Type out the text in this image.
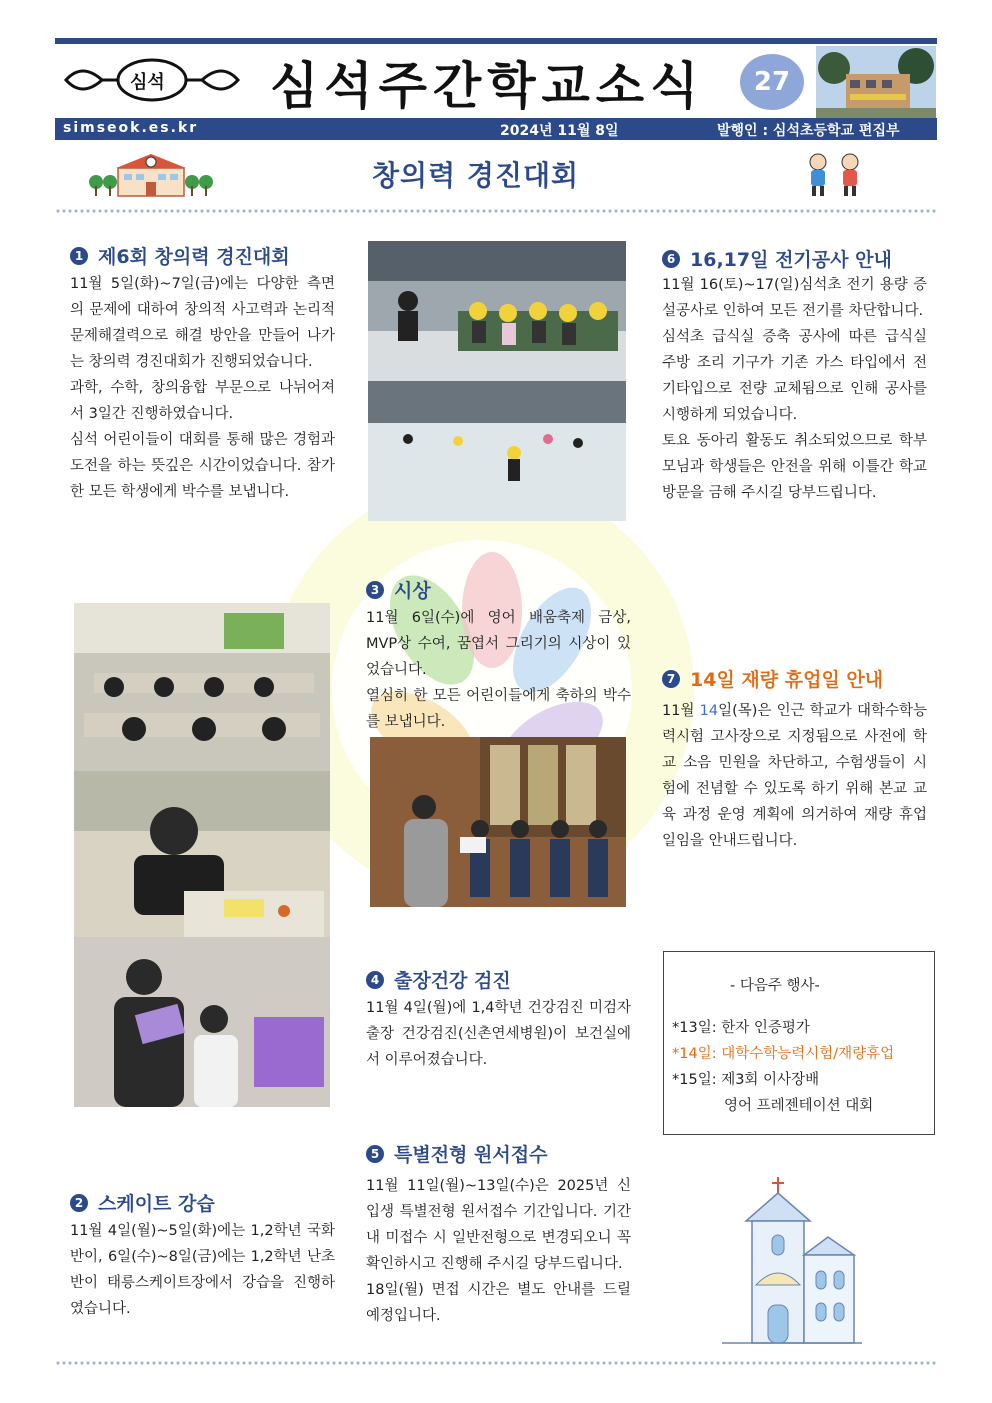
심석 심석주간학교소식	27
simseok.es.kr	2024년 11월 8일	발행인 : 심석초등학교 편집부
창의력 경진대회
1 제6회 창의력 경진대회

11월 5일(화)~7일(금)에는 다양한 측면의 문제에 대하여 창의적 사고력과 논리적 문제해결력으로 해결 방안을 만들어 나가는 창의력 경진대회가 진행되었습니다.

과학, 수학, 창의융합 부문으로 나뉘어져서 3일간 진행하였습니다.

심석 어린이들이 대회를 통해 많은 경험과 도전을 하는 뜻깊은 시간이었습니다. 참가한 모든 학생에게 박수를 보냅니다.

2 스케이트 강습

11월 4일(월)~5일(화)에는 1,2학년 국화반이, 6일(수)~8일(금)에는 1,2학년 난초반이 태릉스케이트장에서 강습을 진행하였습니다.

3 시상

11월 6일(수)에 영어 배움축제 금상, MVP상 수여, 꿈엽서 그리기의 시상이 있었습니다.

열심히 한 모든 어린이들에게 축하의 박수를 보냅니다.

4 출장건강 검진

11월 4일(월)에 1,4학년 건강검진 미검자 출장 건강검진(신촌연세병원)이 보건실에서 이루어졌습니다.

5 특별전형 원서접수

11월 11일(월)~13일(수)은 2025년 신입생 특별전형 원서접수 기간입니다. 기간 내 미접수 시 일반전형으로 변경되오니 꼭 확인하시고 진행해 주시길 당부드립니다.

18일(월) 면접 시간은 별도 안내를 드릴 예정입니다.

6 16,17일 전기공사 안내

11월 16(토)~17(일)심석초 전기 용량 증설공사로 인하여 모든 전기를 차단합니다.

심석초 급식실 증축 공사에 따른 급식실 주방 조리 기구가 기존 가스 타입에서 전기타입으로 전량 교체됨으로 인해 공사를 시행하게 되었습니다.

토요 동아리 활동도 취소되었으므로 학부모님과 학생들은 안전을 위해 이틀간 학교 방문을 금해 주시길 당부드립니다.

7 14일 재량 휴업일 안내

11월 14일(목)은 인근 학교가 대학수학능력시험 고사장으로 지정됨으로 사전에 학교 소음 민원을 차단하고, 수험생들이 시험에 전념할 수 있도록 하기 위해 본교 교육 과정 운영 계획에 의거하여 재량 휴업일임을 안내드립니다.

- 다음주 행사-
*13일: 한자 인증평가
*14일: 대학수학능력시험/재량휴업
*15일: 제3회 이사장배
영어 프레젠테이션 대회
